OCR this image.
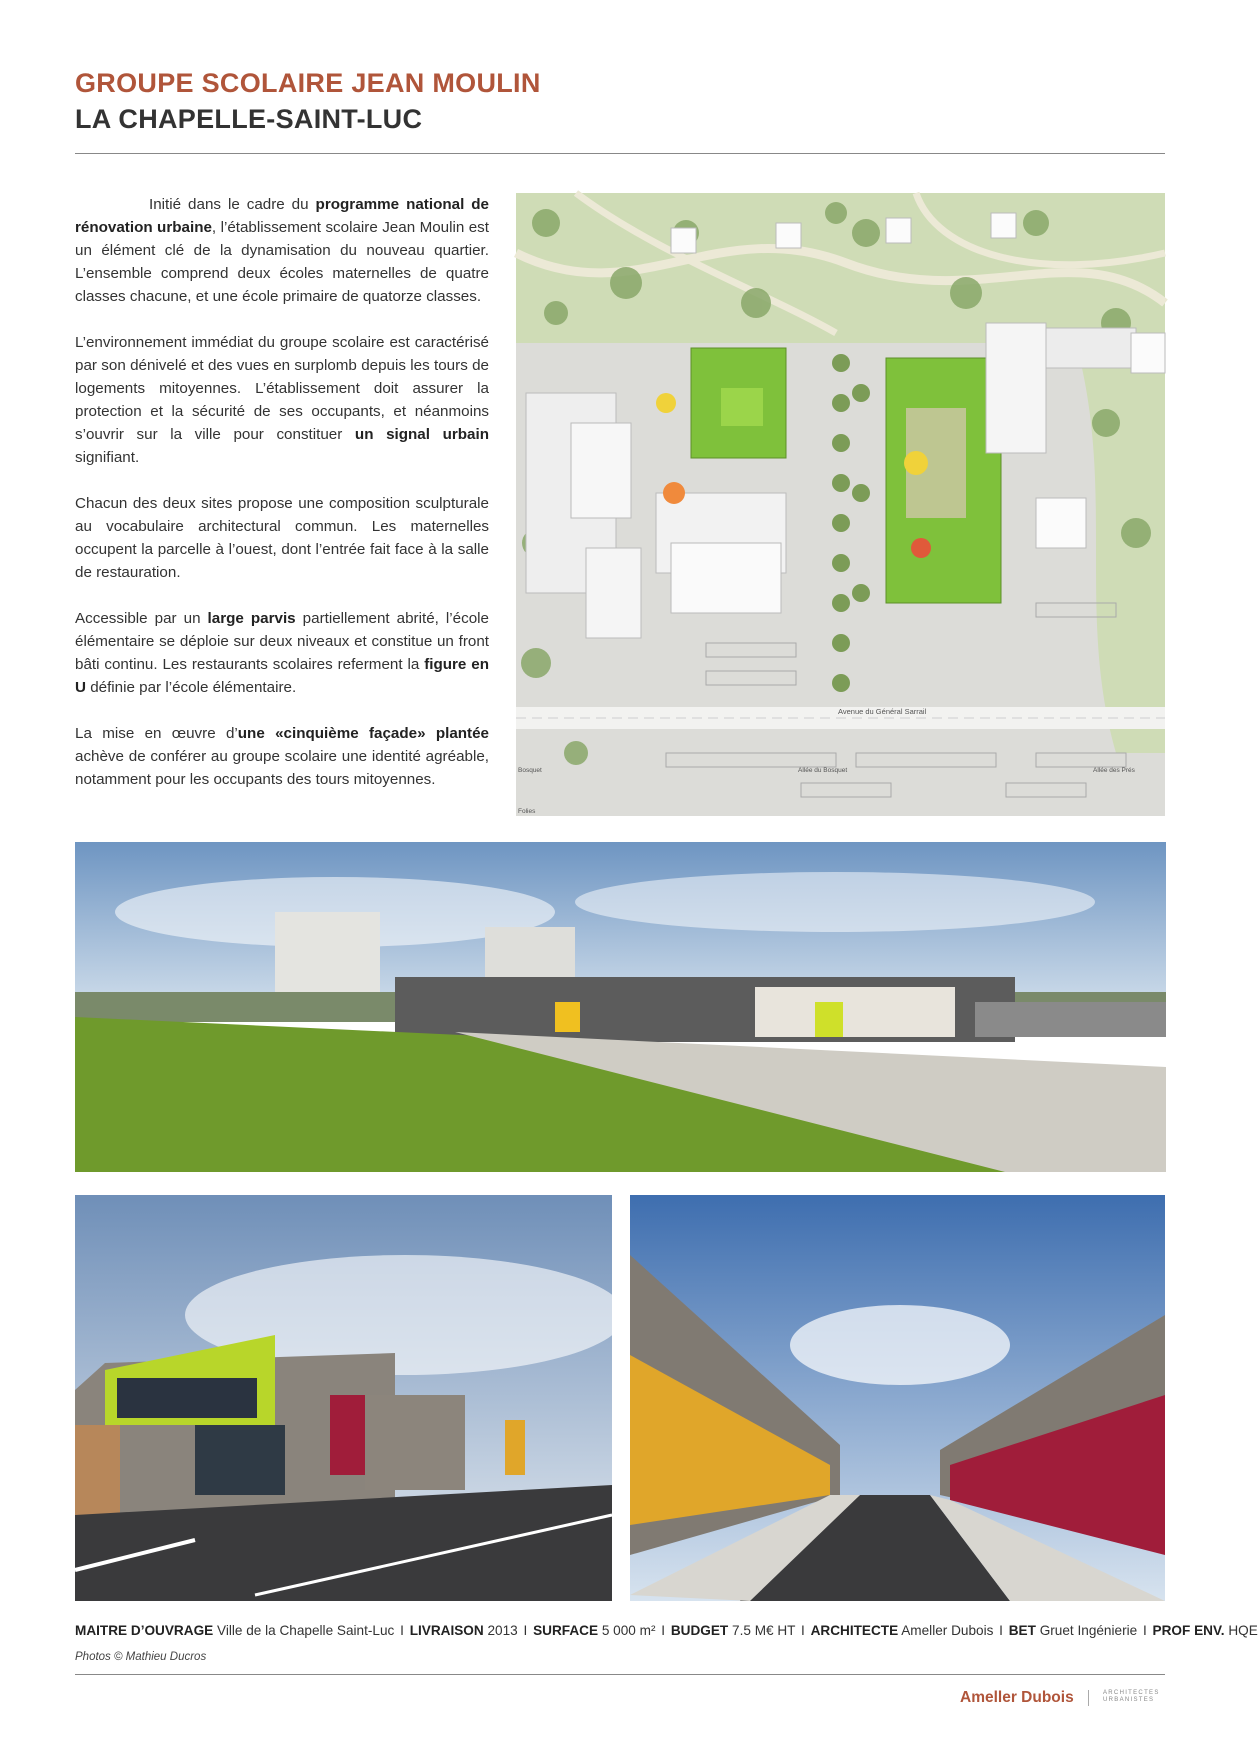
GROUPE SCOLAIRE JEAN MOULIN
LA CHAPELLE-SAINT-LUC

Initié dans le cadre du programme national de rénovation urbaine, l’établissement scolaire Jean Moulin est un élément clé de la dynamisation du nouveau quartier. L’ensemble comprend deux écoles maternelles de quatre classes chacune, et une école primaire de quatorze classes.

L’environnement immédiat du groupe scolaire est caractérisé par son dénivelé et des vues en surplomb depuis les tours de logements mitoyennes. L’établissement doit assurer la protection et la sécurité de ses occupants, et néanmoins s’ouvrir sur la ville pour constituer un signal urbain signifiant.

Chacun des deux sites propose une composition sculpturale au vocabulaire architectural commun. Les maternelles occupent la parcelle à l’ouest, dont l’entrée fait face à la salle de restauration.

Accessible par un large parvis partiellement abrité, l’école élémentaire se déploie sur deux niveaux et constitue un front bâti continu. Les restaurants scolaires referment la figure en U définie par l’école élémentaire.

La mise en œuvre d’une «cinquième façade» plantée achève de conférer au groupe scolaire une identité agréable, notamment pour les occupants des tours mitoyennes.

Avenue du Général Sarrail
Allée du Bosquet	Allée des Prés
Bosquet
Folies
MAITRE D’OUVRAGE Ville de la Chapelle Saint-Luc I LIVRAISON 2013 I SURFACE 5 000 m² I BUDGET 7.5 M€ HT I ARCHITECTE Ameller Dubois I BET Gruet Ingénierie I PROF ENV. HQE
Photos © Mathieu Ducros
Ameller Dubois	ARCHITECTES
URBANISTES
